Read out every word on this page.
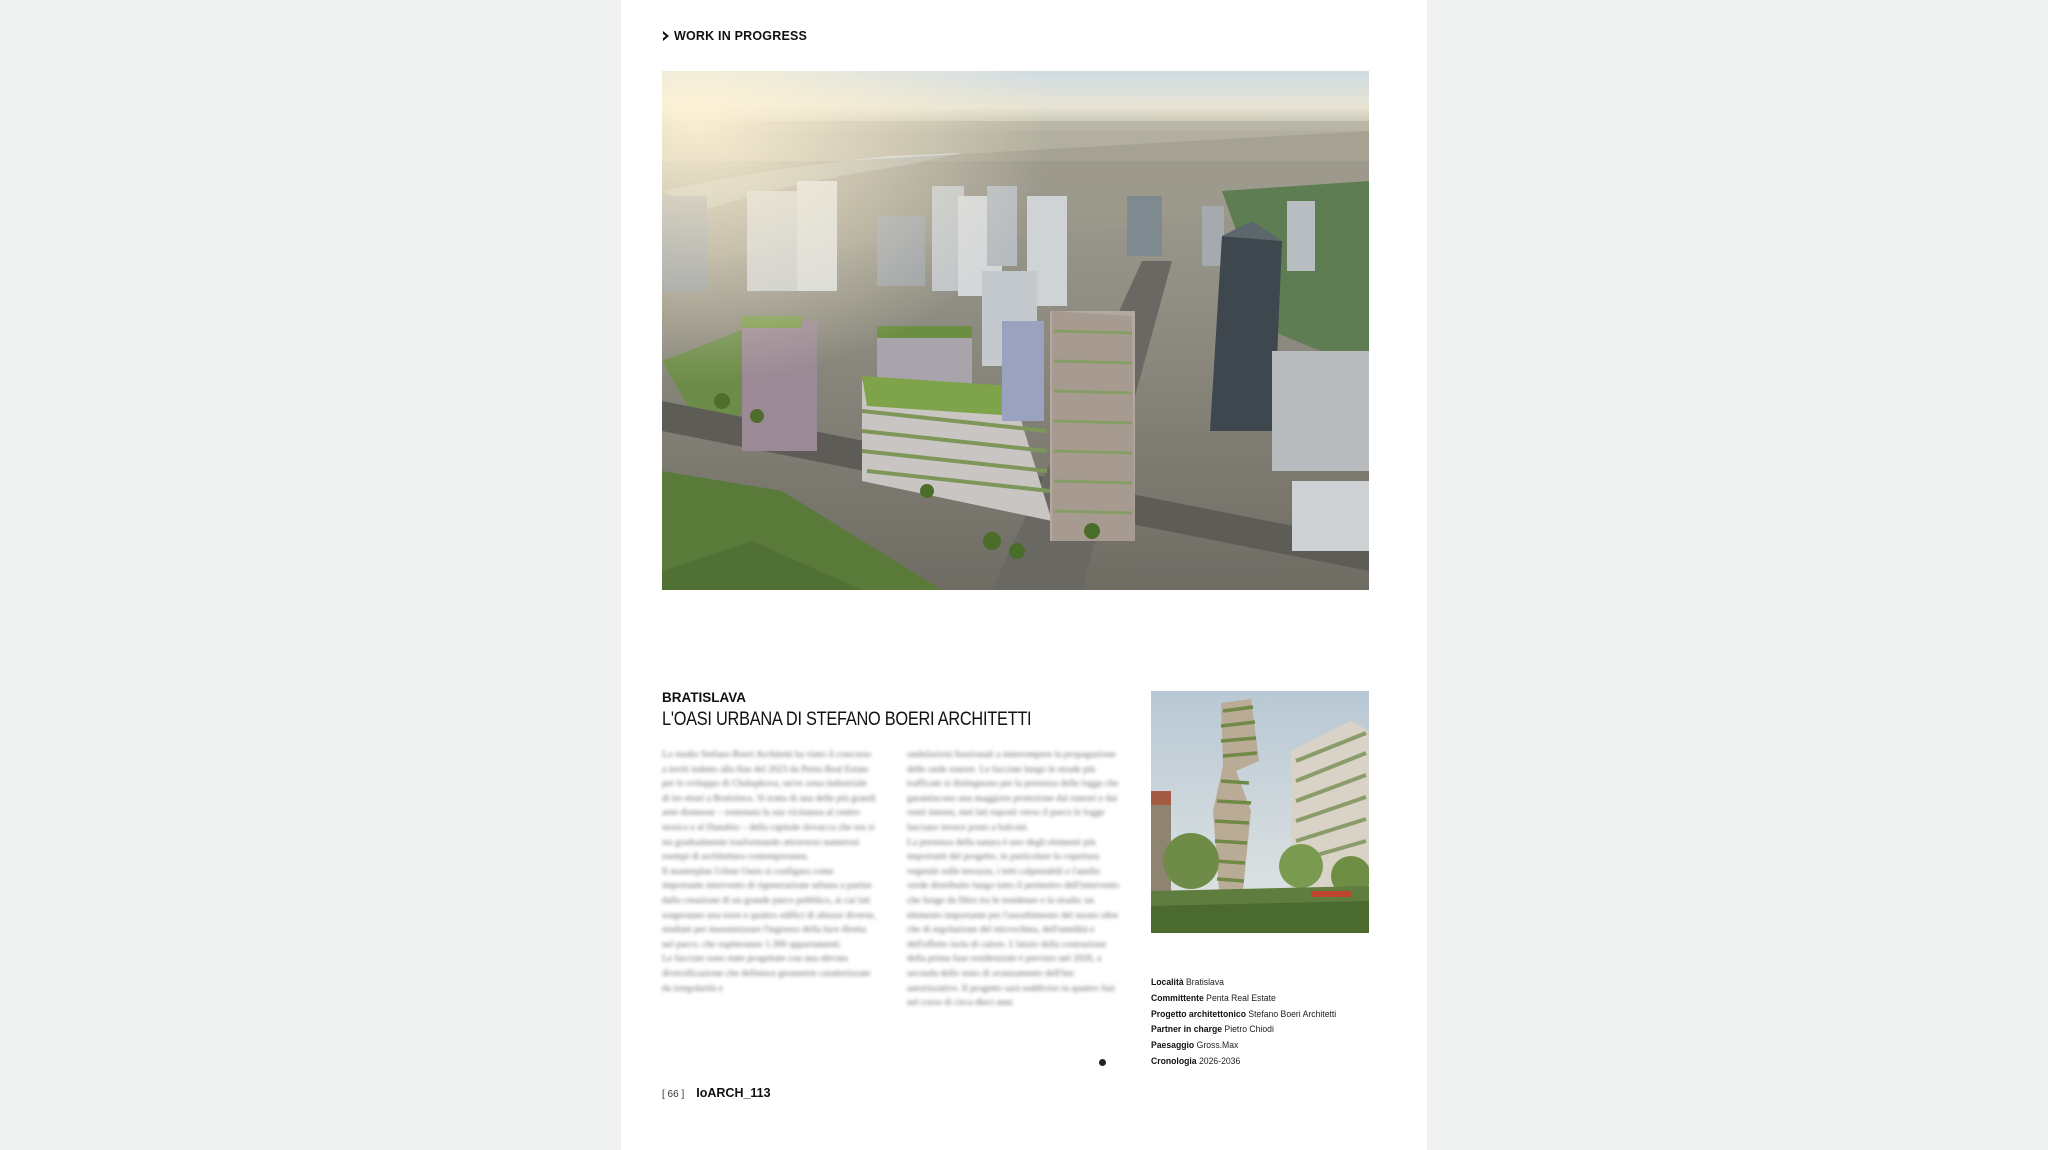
WORK IN PROGRESS
BRATISLAVA
L'OASI URBANA DI STEFANO BOERI ARCHITETTI

Lo studio Stefano Boeri Architetti ha vinto il concorso a inviti indetto alla fine del 2023 da Penta Real Estate per lo sviluppo di Chalupkova, un'ex zona industriale di tre ettari a Bratislava. Si tratta di una delle più grandi aree dismesse – sostenuta la sua vicinanza al centro storico e al Danubio – della capitale slovacca che ora si sta gradualmente trasformando attraverso numerosi esempi di architettura contemporanea.

Il masterplan Urban Oasis si configura come importante intervento di rigenerazione urbana a partire dalla creazione di un grande parco pubblico, ai cui lati sorgeranno una torre e quattro edifici di altezze diverse, studiate per massimizzare l'ingresso della luce diretta nel parco, che ospiteranno 1.300 appartamenti.

Le facciate sono state progettate con una elevata diversificazione che definisce geometrie caratterizzate da irregolarità e

ondulazioni funzionali a interrompere la propagazione delle onde sonore. Le facciate lungo le strade più trafficate si distinguono per la presenza delle logge che garantiscono una maggiore protezione dai rumori e dai venti intensi, mei lati esposti verso il parco le logge lasciano invece posto a balconi.

La presenza della natura è uno degli elementi più importanti del progetto, in particolare la copertura vegetale sulle terrazze, i tetti calpestabili e l'anello verde distribuito lungo tutto il perimetro dell'intervento che funge da filtro tra le residenze e la strada: un elemento importante per l'assorbimento del suono oltre che di regolazione del microclima, dell'umidità e dell'effetto isola di calore. L'inizio della costruzione della prima fase residenziale è previsto nel 2026, a seconda dello stato di avanzamento dell'iter autorizzativo. Il progetto sarà suddiviso in quattro fasi nel corso di circa dieci anni

Località Bratislava
Committente Penta Real Estate
Progetto architettonico Stefano Boeri Architetti
Partner in charge Pietro Chiodi
Paesaggio Gross.Max
Cronologia 2026-2036
[ 66 ] IoARCH_113
